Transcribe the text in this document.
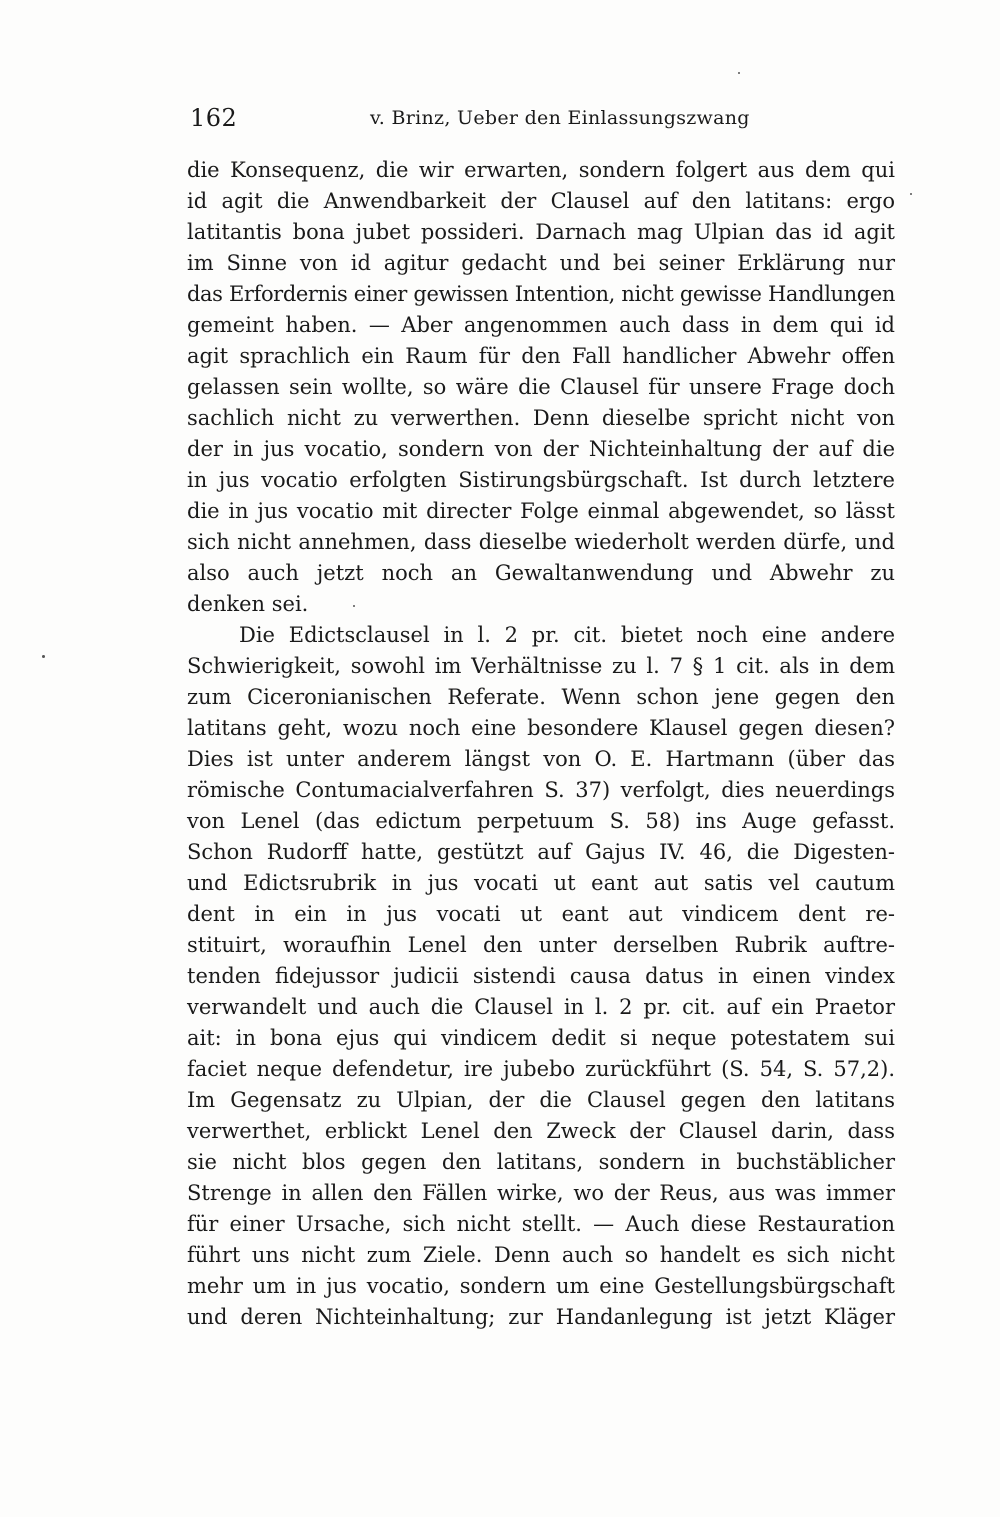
162	v. Brinz, Ueber den Einlassungszwang
die Konsequenz, die wir erwarten, sondern folgert aus dem qui
id agit die Anwendbarkeit der Clausel auf den latitans: ergo
latitantis bona jubet possideri. Darnach mag Ulpian das id agit
im Sinne von id agitur gedacht und bei seiner Erklärung nur
das Erfordernis einer gewissen Intention, nicht gewisse Handlungen
gemeint haben. — Aber angenommen auch dass in dem qui id
agit sprachlich ein Raum für den Fall handlicher Abwehr offen
gelassen sein wollte, so wäre die Clausel für unsere Frage doch
sachlich nicht zu verwerthen. Denn dieselbe spricht nicht von
der in jus vocatio, sondern von der Nichteinhaltung der auf die
in jus vocatio erfolgten Sistirungsbürgschaft. Ist durch letztere
die in jus vocatio mit directer Folge einmal abgewendet, so lässt
sich nicht annehmen, dass dieselbe wiederholt werden dürfe, und
also auch jetzt noch an Gewaltanwendung und Abwehr zu
denken sei.
Die Edictsclausel in l. 2 pr. cit. bietet noch eine andere
Schwierigkeit, sowohl im Verhältnisse zu l. 7 § 1 cit. als in dem
zum Ciceronianischen Referate. Wenn schon jene gegen den
latitans geht, wozu noch eine besondere Klausel gegen diesen?
Dies ist unter anderem längst von O. E. Hartmann (über das
römische Contumacialverfahren S. 37) verfolgt, dies neuerdings
von Lenel (das edictum perpetuum S. 58) ins Auge gefasst.
Schon Rudorff hatte, gestützt auf Gajus IV. 46, die Digesten-
und Edictsrubrik in jus vocati ut eant aut satis vel cautum
dent in ein in jus vocati ut eant aut vindicem dent re-
stituirt, woraufhin Lenel den unter derselben Rubrik auftre-
tenden fidejussor judicii sistendi causa datus in einen vindex
verwandelt und auch die Clausel in l. 2 pr. cit. auf ein Praetor
ait: in bona ejus qui vindicem dedit si neque potestatem sui
faciet neque defendetur, ire jubebo zurückführt (S. 54, S. 57,2).
Im Gegensatz zu Ulpian, der die Clausel gegen den latitans
verwerthet, erblickt Lenel den Zweck der Clausel darin, dass
sie nicht blos gegen den latitans, sondern in buchstäblicher
Strenge in allen den Fällen wirke, wo der Reus, aus was immer
für einer Ursache, sich nicht stellt. — Auch diese Restauration
führt uns nicht zum Ziele. Denn auch so handelt es sich nicht
mehr um in jus vocatio, sondern um eine Gestellungsbürgschaft
und deren Nichteinhaltung; zur Handanlegung ist jetzt Kläger
